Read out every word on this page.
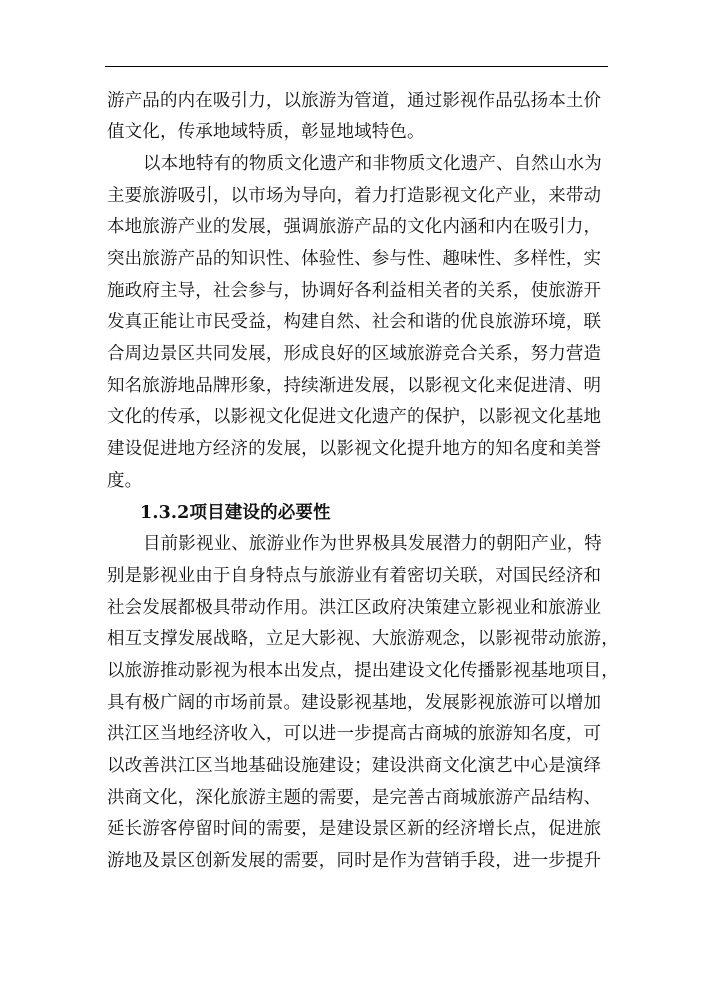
游产品的内在吸引力，以旅游为管道，通过影视作品弘扬本土价
值文化，传承地域特质，彰显地域特色。
以本地特有的物质文化遗产和非物质文化遗产、自然山水为
主要旅游吸引，以市场为导向，着力打造影视文化产业，来带动
本地旅游产业的发展，强调旅游产品的文化内涵和内在吸引力，
突出旅游产品的知识性、体验性、参与性、趣味性、多样性，实
施政府主导，社会参与，协调好各利益相关者的关系，使旅游开
发真正能让市民受益，构建自然、社会和谐的优良旅游环境，联
合周边景区共同发展，形成良好的区域旅游竞合关系，努力营造
知名旅游地品牌形象，持续渐进发展，以影视文化来促进清、明
文化的传承，以影视文化促进文化遗产的保护，以影视文化基地
建设促进地方经济的发展，以影视文化提升地方的知名度和美誉
度。
1.3.2项目建设的必要性
目前影视业、旅游业作为世界极具发展潜力的朝阳产业，特
别是影视业由于自身特点与旅游业有着密切关联，对国民经济和
社会发展都极具带动作用。洪江区政府决策建立影视业和旅游业
相互支撑发展战略，立足大影视、大旅游观念，以影视带动旅游，
以旅游推动影视为根本出发点，提出建设文化传播影视基地项目，
具有极广阔的市场前景。建设影视基地，发展影视旅游可以增加
洪江区当地经济收入，可以进一步提高古商城的旅游知名度，可
以改善洪江区当地基础设施建设；建设洪商文化演艺中心是演绎
洪商文化，深化旅游主题的需要，是完善古商城旅游产品结构、
延长游客停留时间的需要，是建设景区新的经济增长点，促进旅
游地及景区创新发展的需要，同时是作为营销手段，进一步提升
